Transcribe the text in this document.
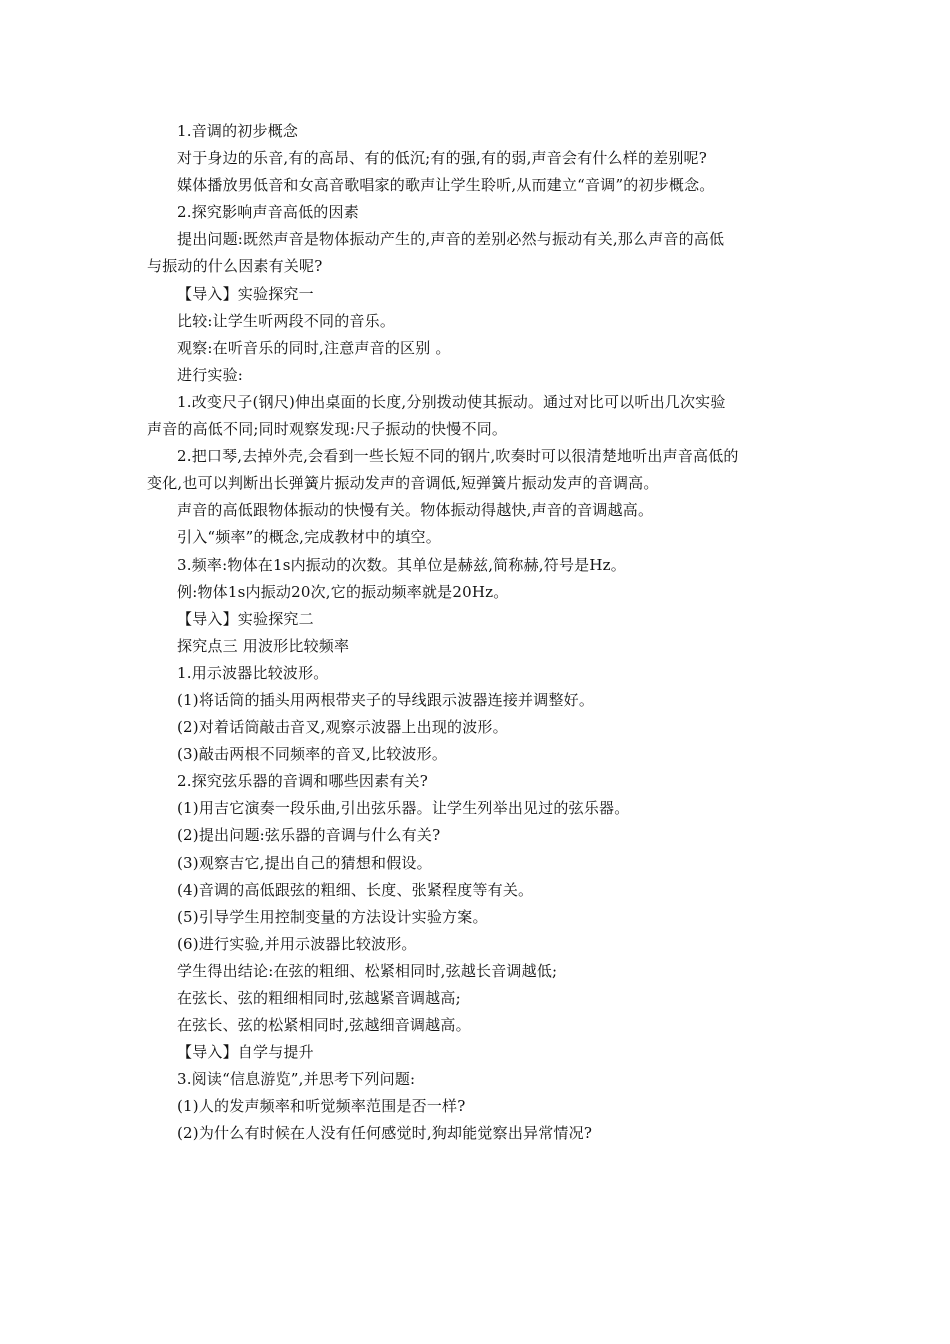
1.音调的初步概念
对于身边的乐音,有的高昂、有的低沉;有的强,有的弱,声音会有什么样的差别呢?
媒体播放男低音和女高音歌唱家的歌声让学生聆听,从而建立“音调”的初步概念。
2.探究影响声音高低的因素
提出问题:既然声音是物体振动产生的,声音的差别必然与振动有关,那么声音的高低
与振动的什么因素有关呢?
【导入】实验探究一
比较:让学生听两段不同的音乐。
观察:在听音乐的同时,注意声音的区别 。
进行实验:
1.改变尺子(钢尺)伸出桌面的长度,分别拨动使其振动。通过对比可以听出几次实验
声音的高低不同;同时观察发现:尺子振动的快慢不同。
2.把口琴,去掉外壳,会看到一些长短不同的钢片,吹奏时可以很清楚地听出声音高低的
变化,也可以判断出长弹簧片振动发声的音调低,短弹簧片振动发声的音调高。
声音的高低跟物体振动的快慢有关。物体振动得越快,声音的音调越高。
引入“频率”的概念,完成教材中的填空。
3.频率:物体在1s内振动的次数。其单位是赫兹,简称赫,符号是Hz。
例:物体1s内振动20次,它的振动频率就是20Hz。
【导入】实验探究二
探究点三 用波形比较频率
1.用示波器比较波形。
(1)将话筒的插头用两根带夹子的导线跟示波器连接并调整好。
(2)对着话筒敲击音叉,观察示波器上出现的波形。
(3)敲击两根不同频率的音叉,比较波形。
2.探究弦乐器的音调和哪些因素有关?
(1)用吉它演奏一段乐曲,引出弦乐器。让学生列举出见过的弦乐器。
(2)提出问题:弦乐器的音调与什么有关?
(3)观察吉它,提出自己的猜想和假设。
(4)音调的高低跟弦的粗细、长度、张紧程度等有关。
(5)引导学生用控制变量的方法设计实验方案。
(6)进行实验,并用示波器比较波形。
学生得出结论:在弦的粗细、松紧相同时,弦越长音调越低;
在弦长、弦的粗细相同时,弦越紧音调越高;
在弦长、弦的松紧相同时,弦越细音调越高。
【导入】自学与提升
3.阅读“信息游览”,并思考下列问题:
(1)人的发声频率和听觉频率范围是否一样?
(2)为什么有时候在人没有任何感觉时,狗却能觉察出异常情况?
